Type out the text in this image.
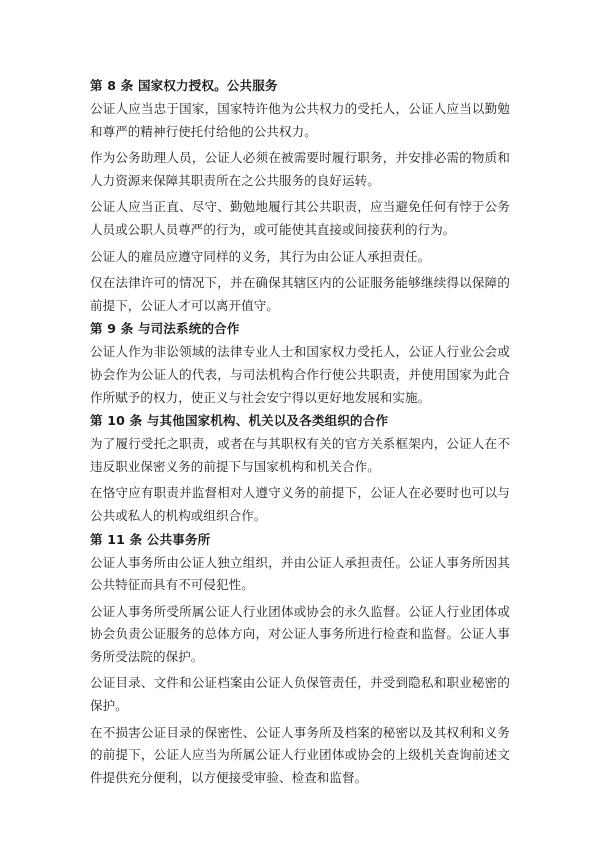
第 8 条 国家权力授权。公共服务

公证人应当忠于国家，国家特许他为公共权力的受托人，公证人应当以勤勉和尊严的精神行使托付给他的公共权力。

作为公务助理人员，公证人必须在被需要时履行职务，并安排必需的物质和人力资源来保障其职责所在之公共服务的良好运转。

公证人应当正直、尽守、勤勉地履行其公共职责，应当避免任何有悖于公务人员或公职人员尊严的行为，或可能使其直接或间接获利的行为。

公证人的雇员应遵守同样的义务，其行为由公证人承担责任。

仅在法律许可的情况下，并在确保其辖区内的公证服务能够继续得以保障的前提下，公证人才可以离开值守。

第 9 条 与司法系统的合作

公证人作为非讼领域的法律专业人士和国家权力受托人，公证人行业公会或协会作为公证人的代表，与司法机构合作行使公共职责，并使用国家为此合作所赋予的权力，使正义与社会安宁得以更好地发展和实施。

第 10 条 与其他国家机构、机关以及各类组织的合作

为了履行受托之职责，或者在与其职权有关的官方关系框架内，公证人在不违反职业保密义务的前提下与国家机构和机关合作。

在恪守应有职责并监督相对人遵守义务的前提下，公证人在必要时也可以与公共或私人的机构或组织合作。

第 11 条 公共事务所

公证人事务所由公证人独立组织，并由公证人承担责任。公证人事务所因其公共特征而具有不可侵犯性。

公证人事务所受所属公证人行业团体或协会的永久监督。公证人行业团体或协会负责公证服务的总体方向，对公证人事务所进行检查和监督。公证人事务所受法院的保护。

公证目录、文件和公证档案由公证人负保管责任，并受到隐私和职业秘密的保护。

在不损害公证目录的保密性、公证人事务所及档案的秘密以及其权利和义务的前提下，公证人应当为所属公证人行业团体或协会的上级机关查询前述文件提供充分便利，以方便接受审验、检查和监督。
